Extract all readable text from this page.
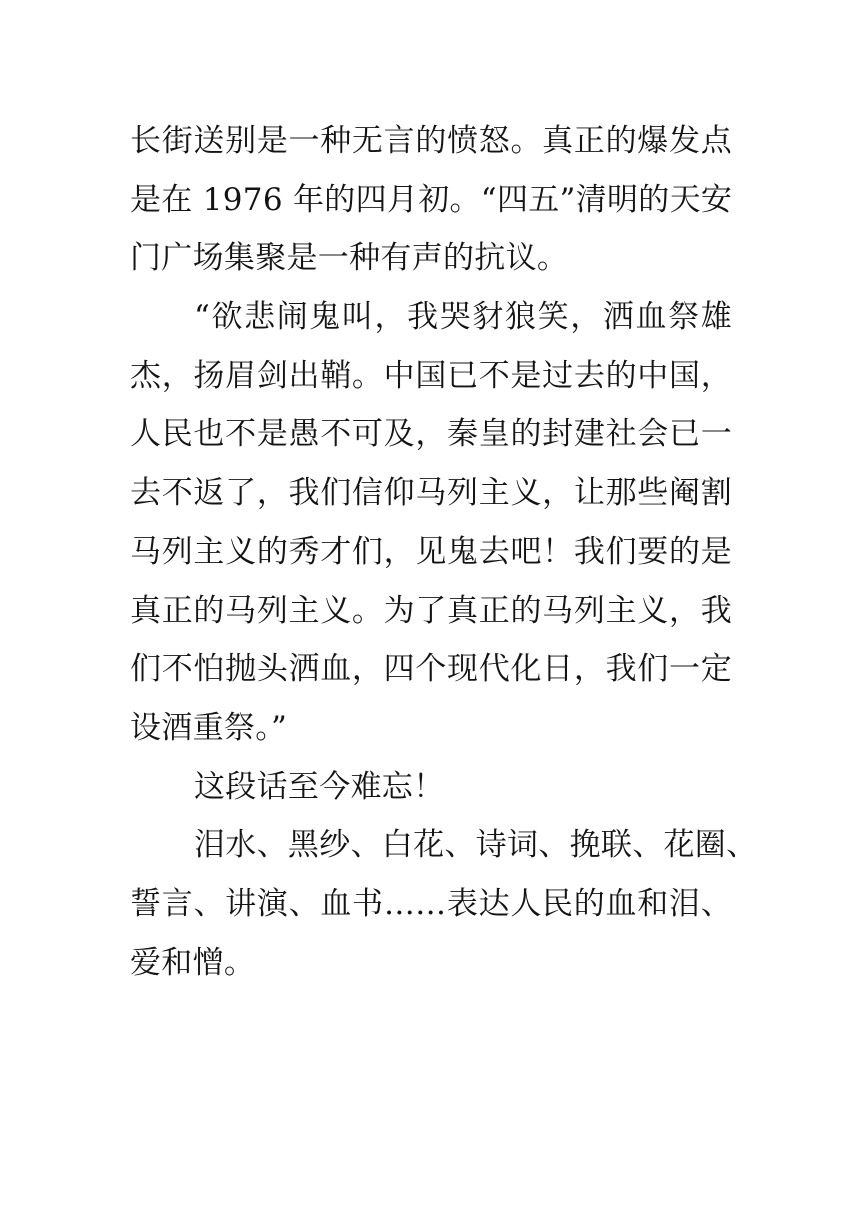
长街送别是一种无言的愤怒。真正的爆发点
是在 1976 年的四月初。“四五”清明的天安
门广场集聚是一种有声的抗议。
“欲悲闹鬼叫，我哭豺狼笑，洒血祭雄
杰，扬眉剑出鞘。中国已不是过去的中国，
人民也不是愚不可及，秦皇的封建社会已一
去不返了，我们信仰马列主义，让那些阉割
马列主义的秀才们，见鬼去吧！我们要的是
真正的马列主义。为了真正的马列主义，我
们不怕抛头洒血，四个现代化日，我们一定
设酒重祭。”
这段话至今难忘！
泪水、黑纱、白花、诗词、挽联、花圈、
誓言、讲演、血书……表达人民的血和泪、
爱和憎。
